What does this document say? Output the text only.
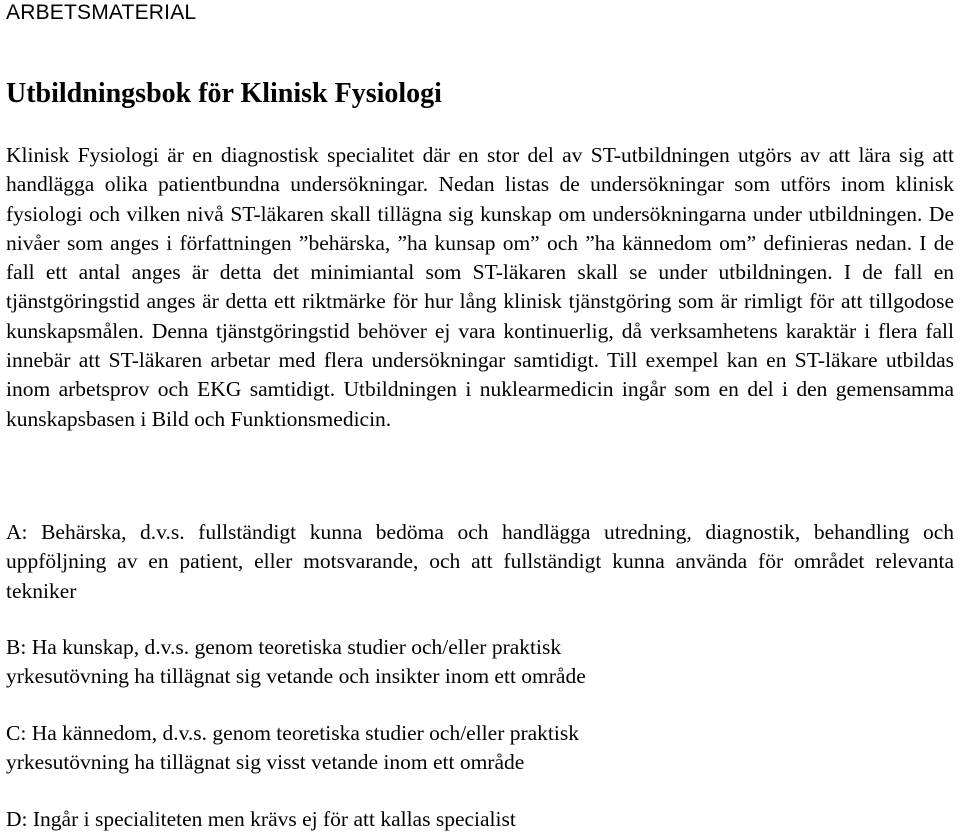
ARBETSMATERIAL
Utbildningsbok för Klinisk Fysiologi

Klinisk Fysiologi är en diagnostisk specialitet där en stor del av ST-utbildningen utgörs av att lära sig att handlägga olika patientbundna undersökningar. Nedan listas de undersökningar som utförs inom klinisk fysiologi och vilken nivå ST-läkaren skall tillägna sig kunskap om undersökningarna under utbildningen. De nivåer som anges i författningen ”behärska, ”ha kunsap om” och ”ha kännedom om” definieras nedan. I de fall ett antal anges är detta det minimiantal som ST-läkaren skall se under utbildningen. I de fall en tjänstgöringstid anges är detta ett riktmärke för hur lång klinisk tjänstgöring som är rimligt för att tillgodose kunskapsmålen. Denna tjänstgöringstid behöver ej vara kontinuerlig, då verksamhetens karaktär i flera fall innebär att ST-läkaren arbetar med flera undersökningar samtidigt. Till exempel kan en ST-läkare utbildas inom arbetsprov och EKG samtidigt. Utbildningen i nuklearmedicin ingår som en del i den gemensamma kunskapsbasen i Bild och Funktionsmedicin.

A: Behärska, d.v.s. fullständigt kunna bedöma och handlägga utredning, diagnostik, behandling och uppföljning av en patient, eller motsvarande, och att fullständigt kunna använda för området relevanta tekniker

B: Ha kunskap, d.v.s. genom teoretiska studier och/eller praktisk
yrkesutövning ha tillägnat sig vetande och insikter inom ett område

C: Ha kännedom, d.v.s. genom teoretiska studier och/eller praktisk
yrkesutövning ha tillägnat sig visst vetande inom ett område

D: Ingår i specialiteten men krävs ej för att kallas specialist
